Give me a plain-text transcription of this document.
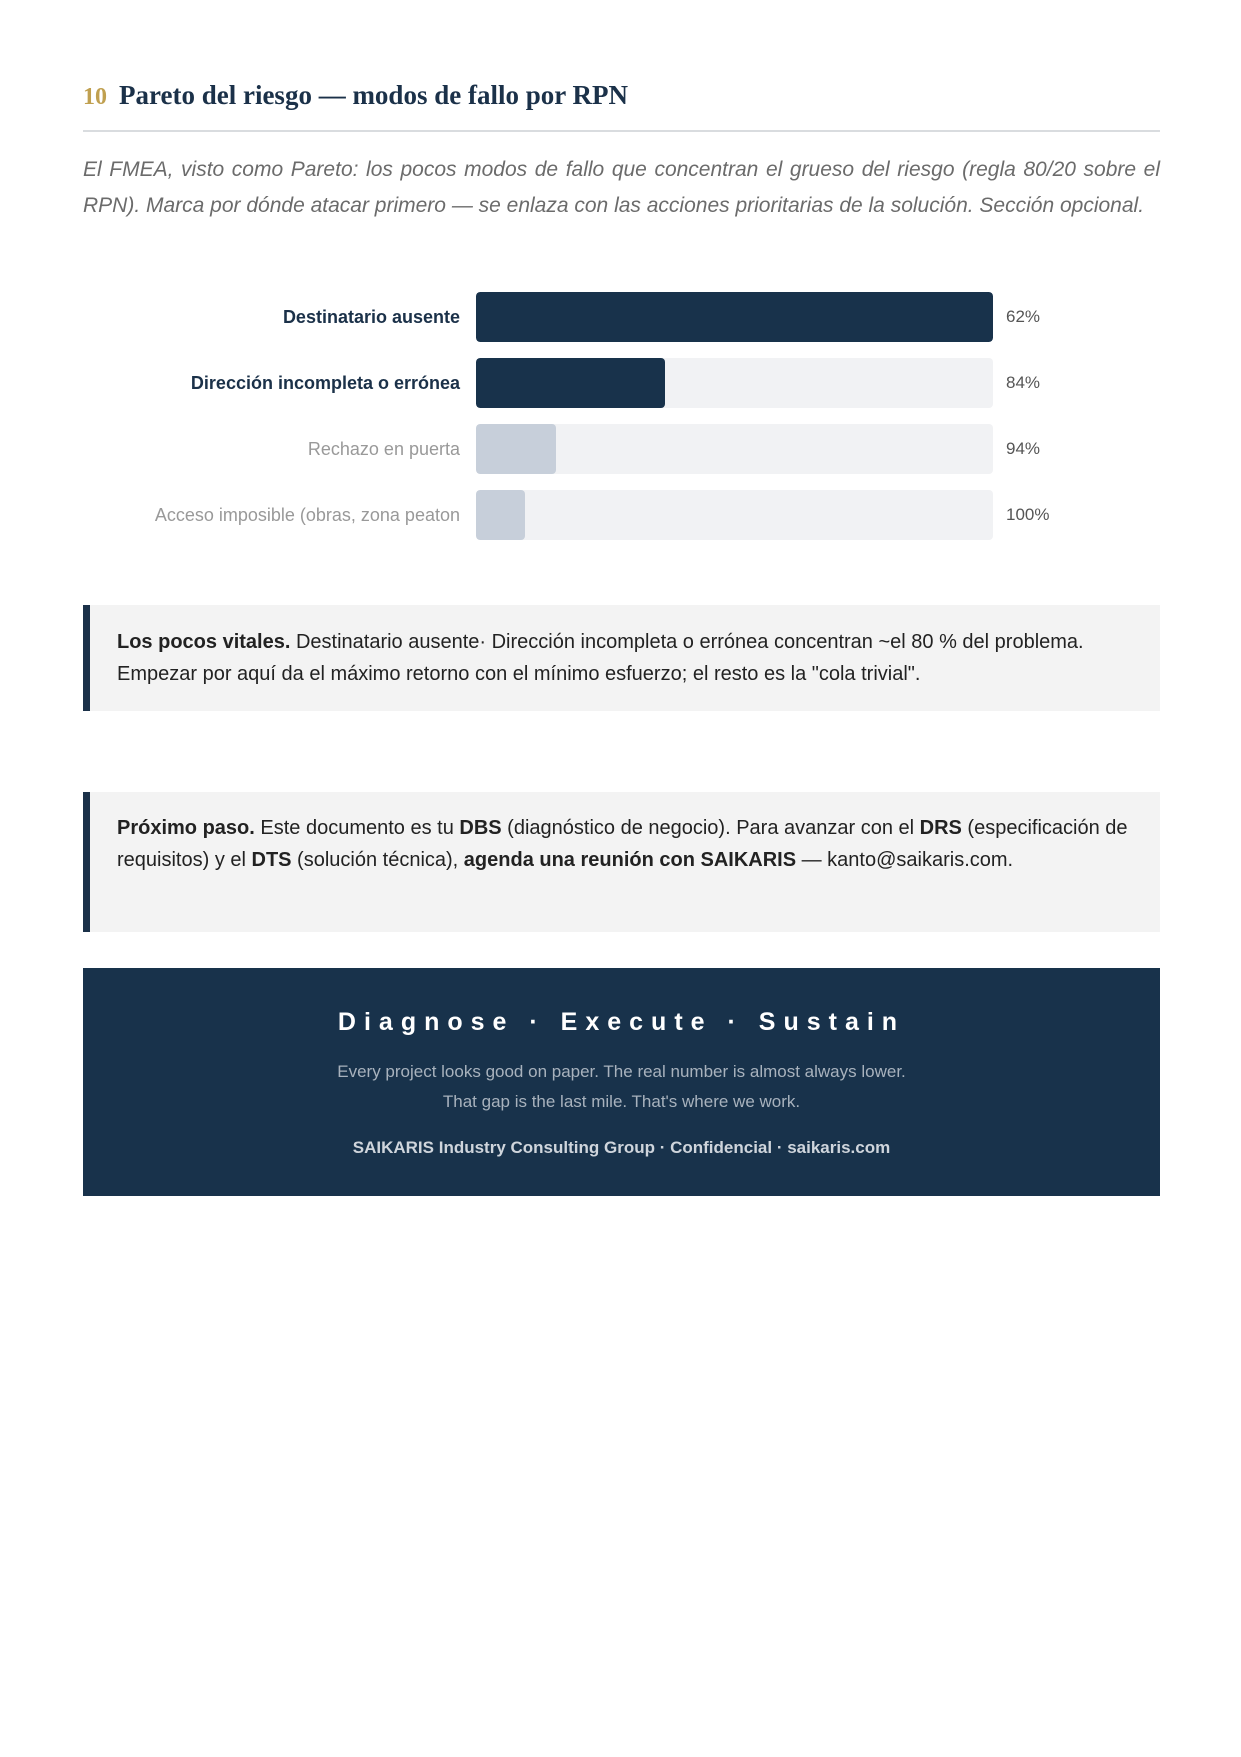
10 Pareto del riesgo — modos de fallo por RPN

El FMEA, visto como Pareto: los pocos modos de fallo que concentran el grueso del riesgo (regla 80/20 sobre el RPN). Marca por dónde atacar primero — se enlaza con las acciones prioritarias de la solución. Sección opcional.

Destinatario ausente	62%
Dirección incompleta o errónea	84%
Rechazo en puerta	94%
Acceso imposible (obras, zona peaton	100%
Los pocos vitales. Destinatario ausente· Dirección incompleta o errónea concentran ~el 80 % del problema. Empezar por aquí da el máximo retorno con el mínimo esfuerzo; el resto es la "cola trivial".
Próximo paso. Este documento es tu DBS (diagnóstico de negocio). Para avanzar con el DRS (especificación de requisitos) y el DTS (solución técnica), agenda una reunión con SAIKARIS — kanto@saikaris.com.
Diagnose · Execute · Sustain
Every project looks good on paper. The real number is almost always lower.
That gap is the last mile. That's where we work.
SAIKARIS Industry Consulting Group · Confidencial · saikaris.com
